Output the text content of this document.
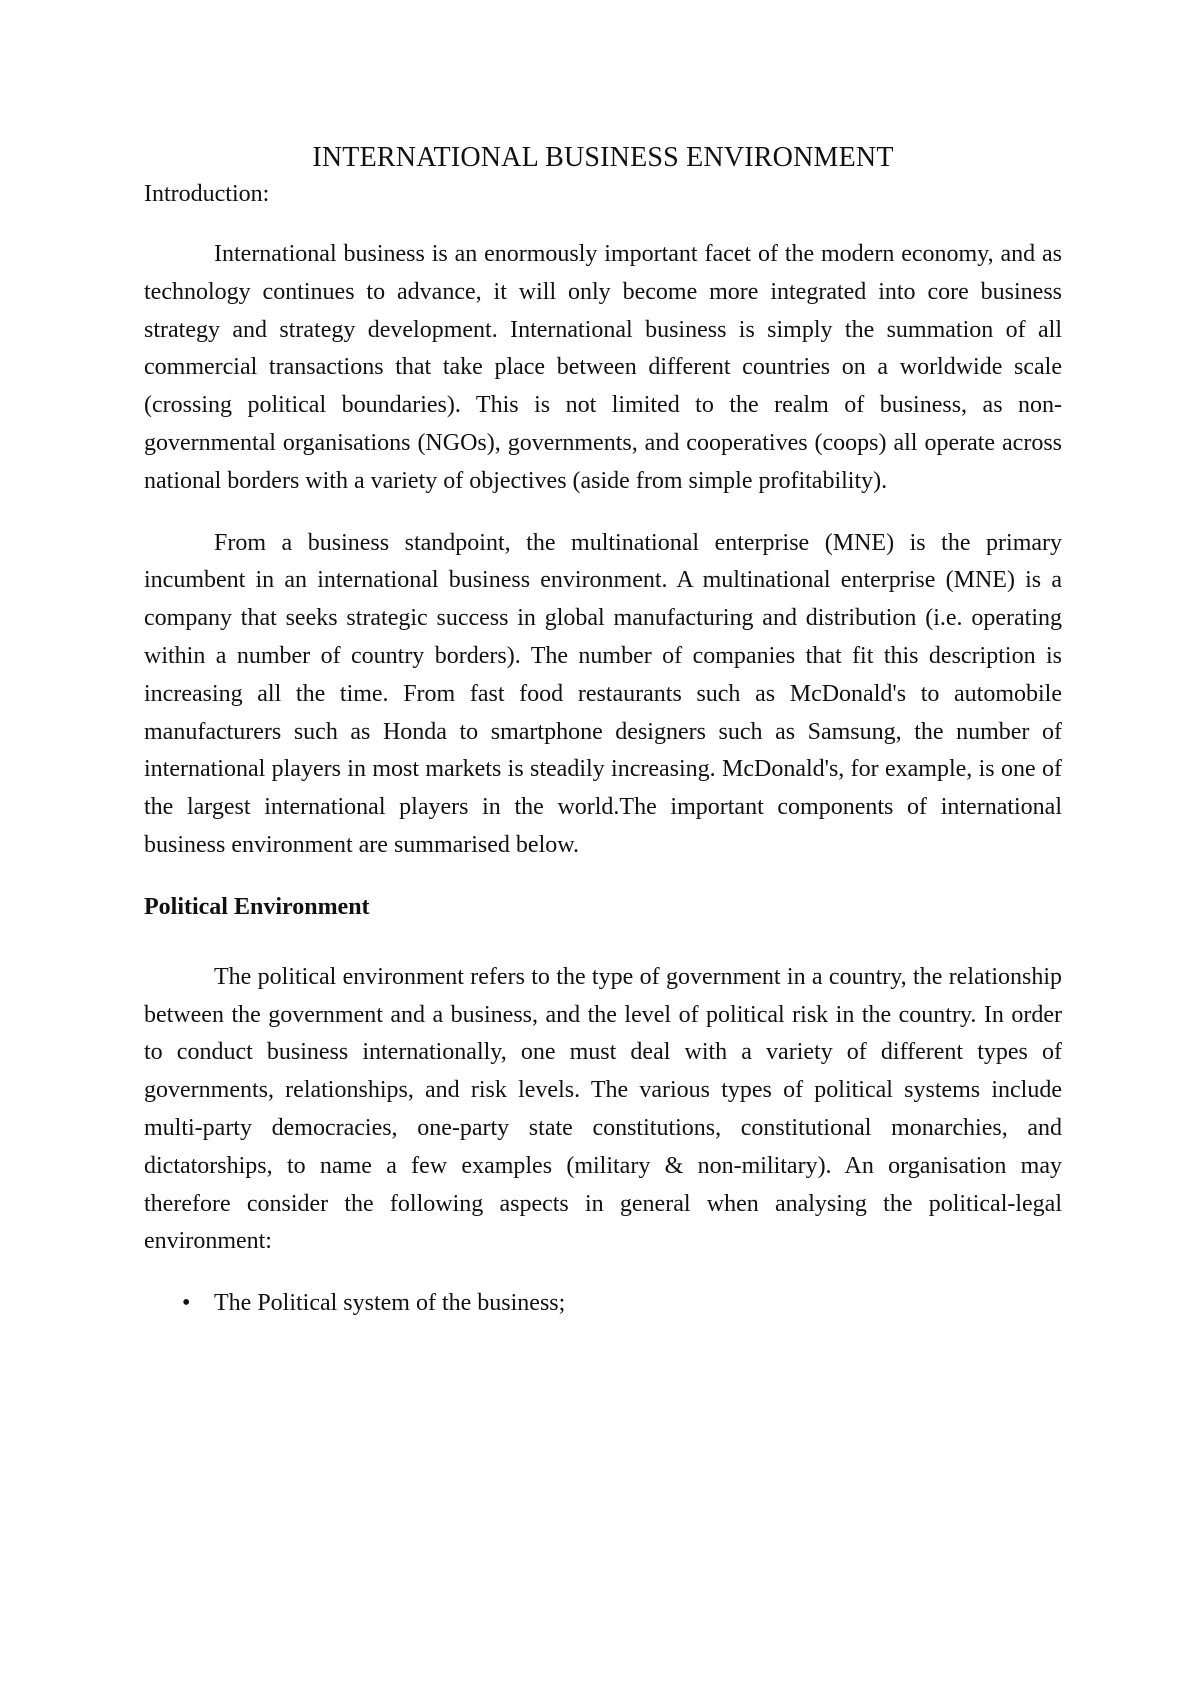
INTERNATIONAL BUSINESS ENVIRONMENT
Introduction:

International business is an enormously important facet of the modern economy, and as technology continues to advance, it will only become more integrated into core business strategy and strategy development. International business is simply the summation of all commercial transactions that take place between different countries on a worldwide scale (crossing political boundaries). This is not limited to the realm of business, as non-governmental organisations (NGOs), governments, and cooperatives (coops) all operate across national borders with a variety of objectives (aside from simple profitability).

From a business standpoint, the multinational enterprise (MNE) is the primary incumbent in an international business environment. A multinational enterprise (MNE) is a company that seeks strategic success in global manufacturing and distribution (i.e. operating within a number of country borders). The number of companies that fit this description is increasing all the time. From fast food restaurants such as McDonald's to automobile manufacturers such as Honda to smartphone designers such as Samsung, the number of international players in most markets is steadily increasing. McDonald's, for example, is one of the largest international players in the world.The important components of international business environment are summarised below.

Political Environment

The political environment refers to the type of government in a country, the relationship between the government and a business, and the level of political risk in the country. In order to conduct business internationally, one must deal with a variety of different types of governments, relationships, and risk levels. The various types of political systems include multi-party democracies, one-party state constitutions, constitutional monarchies, and dictatorships, to name a few examples (military & non-military). An organisation may therefore consider the following aspects in general when analysing the political-legal environment:

• The Political system of the business;
